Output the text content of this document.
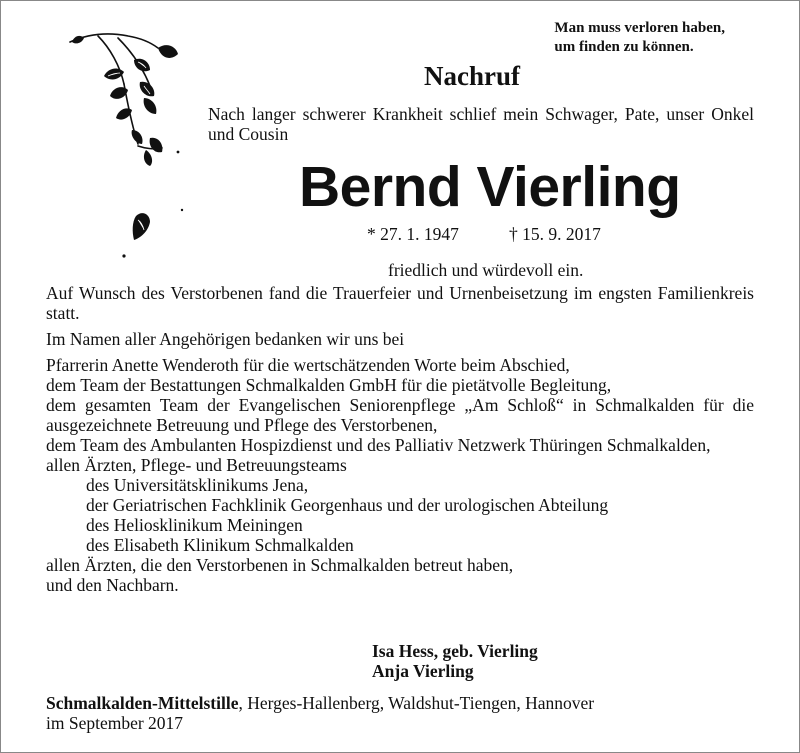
Man muss verloren haben,
um finden zu können.
Nachruf
Nach langer schwerer Krankheit schlief mein Schwager, Pate, unser Onkel und Cousin
Bernd Vierling
* 27. 1. 1947	† 15. 9. 2017
friedlich und würdevoll ein.

Auf Wunsch des Verstorbenen fand die Trauerfeier und Urnenbeisetzung im engsten Familienkreis statt.

Im Namen aller Angehörigen bedanken wir uns bei

Pfarrerin Anette Wenderoth für die wertschätzenden Worte beim Abschied,

dem Team der Bestattungen Schmalkalden GmbH für die pietätvolle Begleitung,

dem gesamten Team der Evangelischen Seniorenpflege „Am Schloß“ in Schmalkalden für die ausgezeichnete Betreuung und Pflege des Verstorbenen,

dem Team des Ambulanten Hospizdienst und des Palliativ Netzwerk Thüringen Schmalkalden,

allen Ärzten, Pflege- und Betreuungsteams

des Universitätsklinikums Jena,

der Geriatrischen Fachklinik Georgenhaus und der urologischen Abteilung

des Heliosklinikum Meiningen

des Elisabeth Klinikum Schmalkalden

allen Ärzten, die den Verstorbenen in Schmalkalden betreut haben,

und den Nachbarn.

Isa Hess, geb. Vierling
Anja Vierling
Schmalkalden-Mittelstille, Herges-Hallenberg, Waldshut-Tiengen, Hannover
im September 2017
